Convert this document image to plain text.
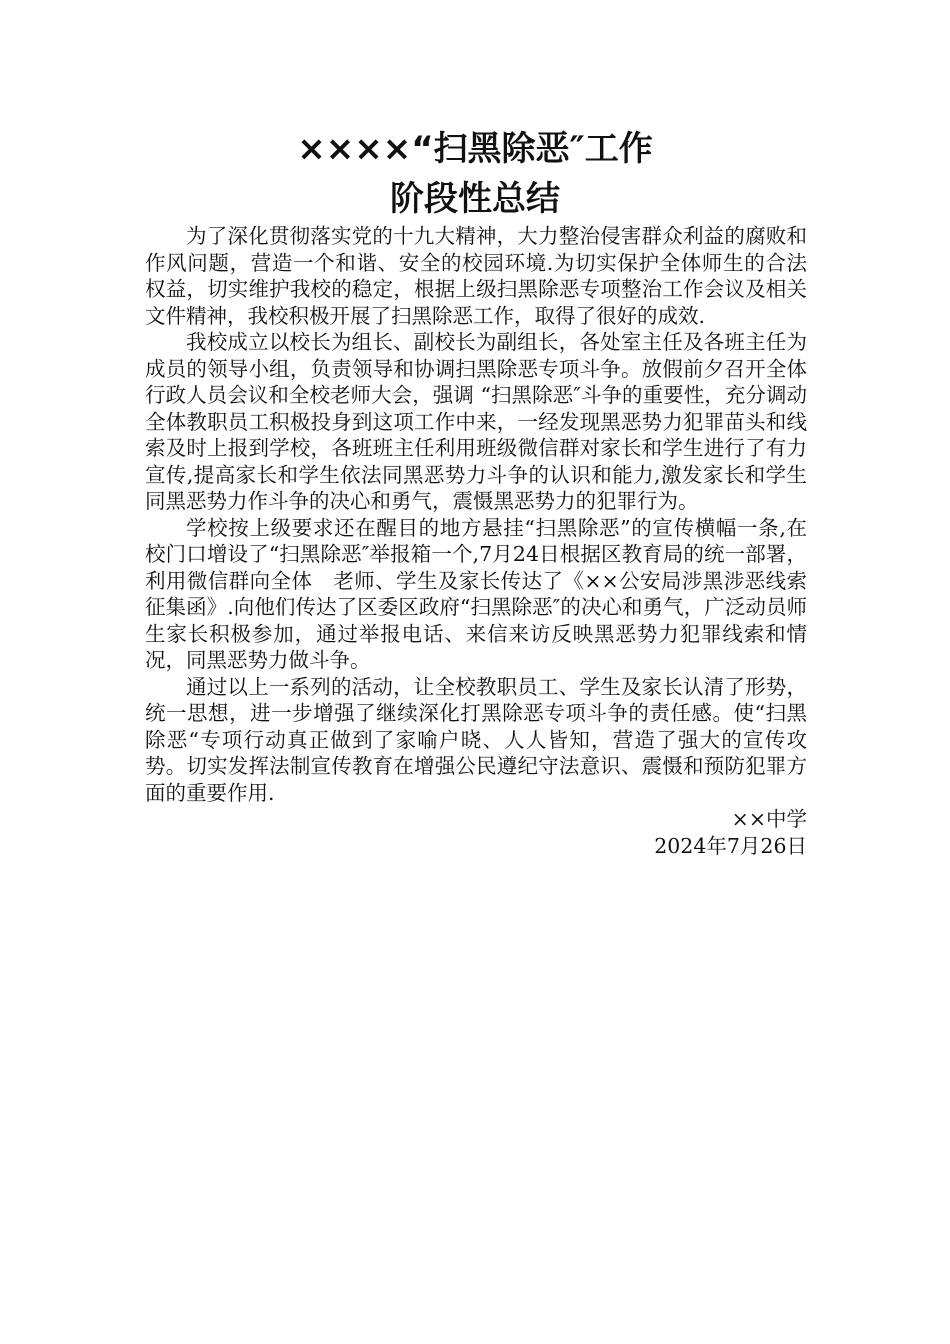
××××“扫黑除恶″工作
阶段性总结

为了深化贯彻落实党的十九大精神，大力整治侵害群众利益的腐败和作风问题，营造一个和谐、安全的校园环境.为切实保护全体师生的合法权益，切实维护我校的稳定，根据上级扫黑除恶专项整治工作会议及相关文件精神，我校积极开展了扫黑除恶工作，取得了很好的成效.

我校成立以校长为组长、副校长为副组长，各处室主任及各班主任为成员的领导小组，负责领导和协调扫黑除恶专项斗争。放假前夕召开全体行政人员会议和全校老师大会，强调 “扫黑除恶″斗争的重要性，充分调动全体教职员工积极投身到这项工作中来，一经发现黑恶势力犯罪苗头和线索及时上报到学校，各班班主任利用班级微信群对家长和学生进行了有力宣传,提高家长和学生依法同黑恶势力斗争的认识和能力,激发家长和学生同黑恶势力作斗争的决心和勇气，震慑黑恶势力的犯罪行为。

学校按上级要求还在醒目的地方悬挂“扫黑除恶”的宣传横幅一条,在校门口增设了“扫黑除恶″举报箱一个,7月24日根据区教育局的统一部署，利用微信群向全体　老师、学生及家长传达了《××公安局涉黑涉恶线索征集函》.向他们传达了区委区政府“扫黑除恶″的决心和勇气，广泛动员师生家长积极参加，通过举报电话、来信来访反映黑恶势力犯罪线索和情况，同黑恶势力做斗争。

通过以上一系列的活动，让全校教职员工、学生及家长认清了形势，统一思想，进一步增强了继续深化打黑除恶专项斗争的责任感。使“扫黑除恶“专项行动真正做到了家喻户晓、人人皆知，营造了强大的宣传攻势。切实发挥法制宣传教育在增强公民遵纪守法意识、震慑和预防犯罪方面的重要作用.

××中学
2024年7月26日
